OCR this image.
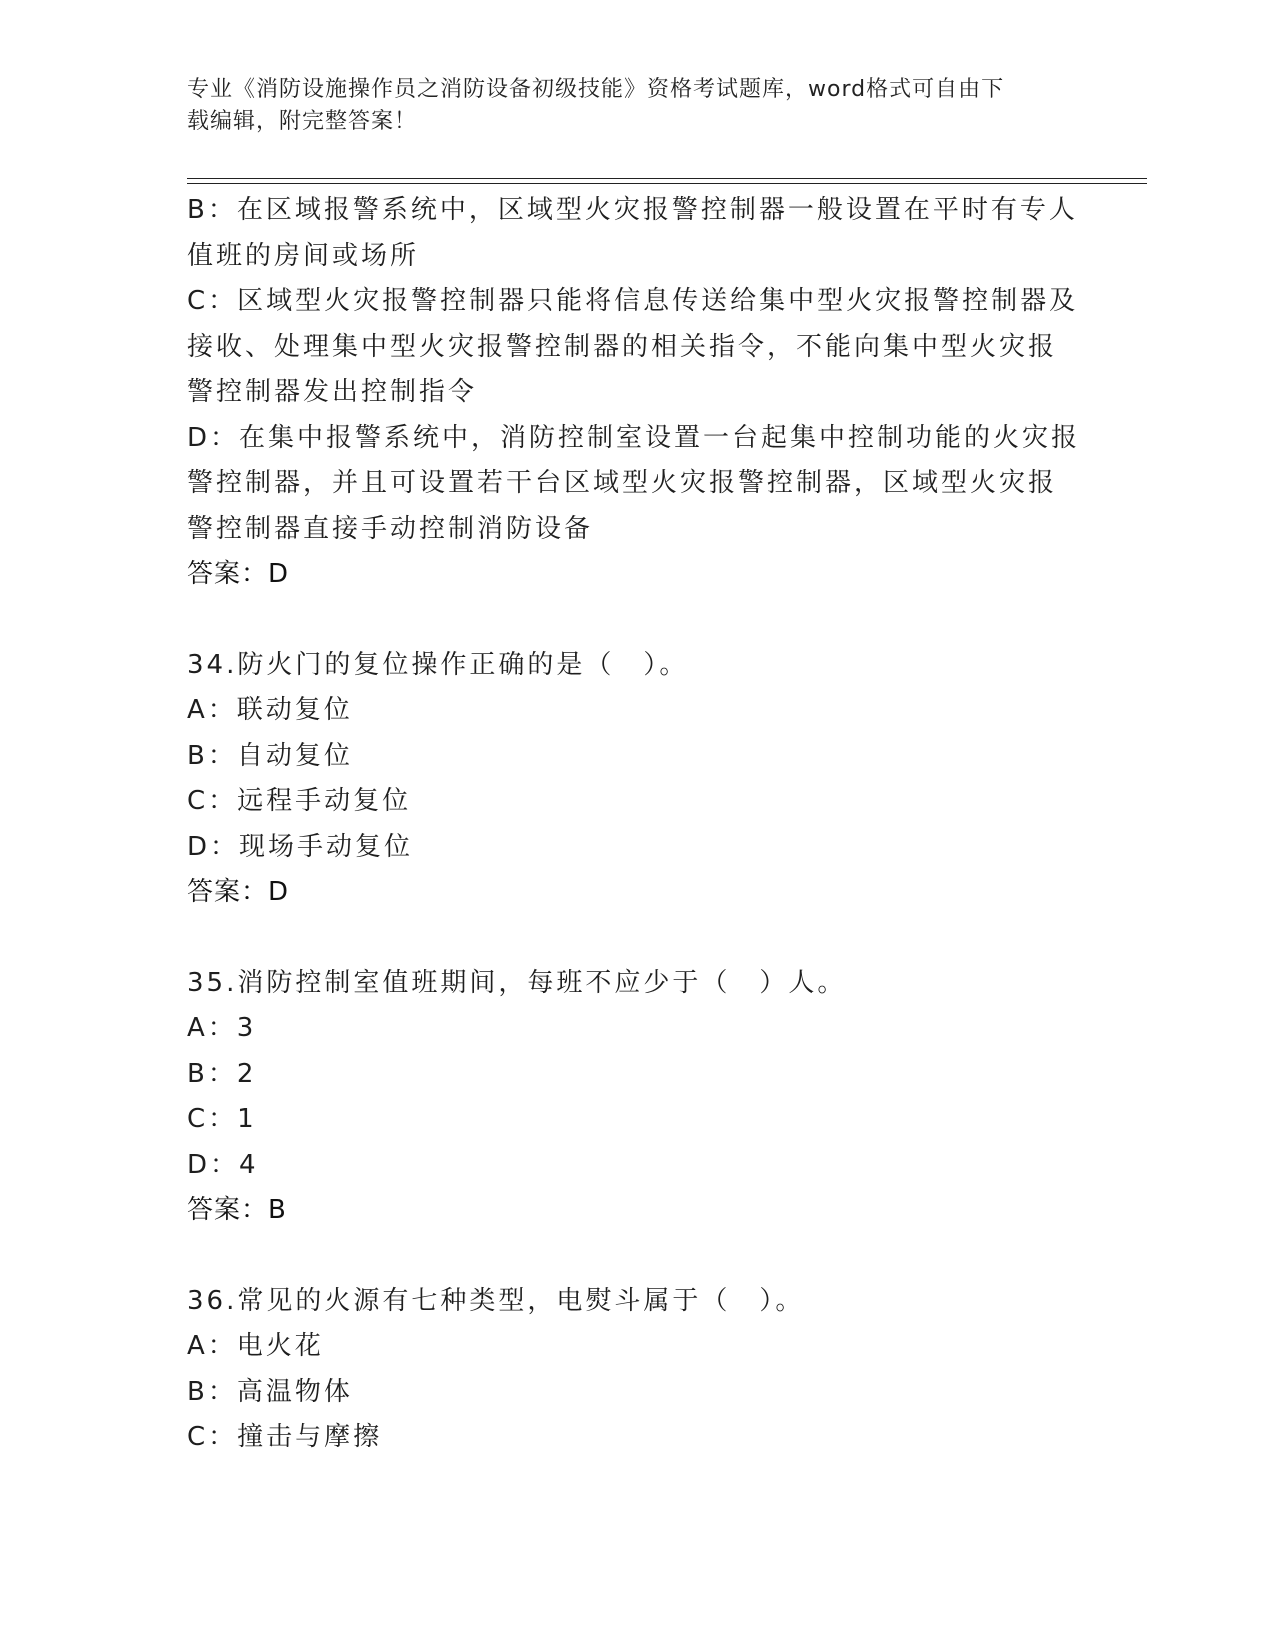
专业《消防设施操作员之消防设备初级技能》资格考试题库，word格式可自由下
载编辑，附完整答案！
B：在区域报警系统中，区域型火灾报警控制器一般设置在平时有专人
值班的房间或场所
C：区域型火灾报警控制器只能将信息传送给集中型火灾报警控制器及
接收、处理集中型火灾报警控制器的相关指令，不能向集中型火灾报
警控制器发出控制指令
D：在集中报警系统中，消防控制室设置一台起集中控制功能的火灾报
警控制器，并且可设置若干台区域型火灾报警控制器，区域型火灾报
警控制器直接手动控制消防设备
答案：D
34.防火门的复位操作正确的是（　）。
A：联动复位
B：自动复位
C：远程手动复位
D：现场手动复位
答案：D
35.消防控制室值班期间，每班不应少于（　）人。
A：3
B：2
C：1
D：4
答案：B
36.常见的火源有七种类型，电熨斗属于（　）。
A：电火花
B：高温物体
C：撞击与摩擦
